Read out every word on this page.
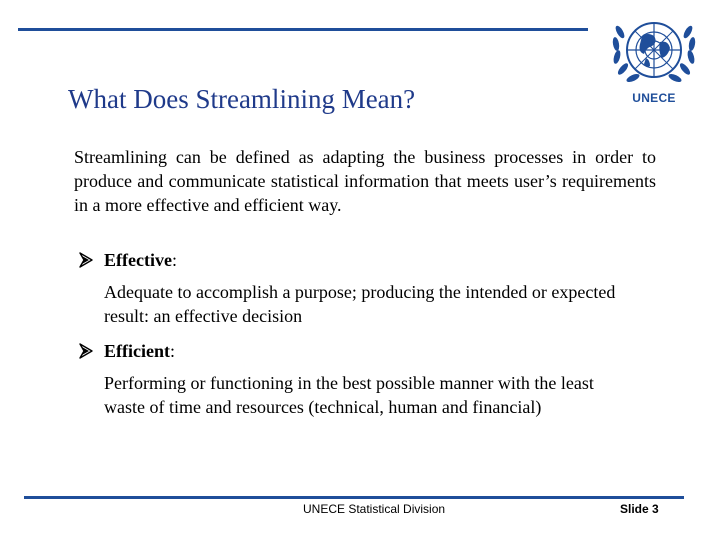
UNECE
What Does Streamlining Mean?

Streamlining can be defined as adapting the business processes in order to produce and communicate statistical information that meets user’s requirements in a more effective and efficient way.

Effective:

Adequate to accomplish a purpose; producing the intended or expected result: an effective decision

Efficient:

Performing or functioning in the best possible manner with the least waste of time and resources (technical, human and financial)

UNECE Statistical Division	Slide 3
